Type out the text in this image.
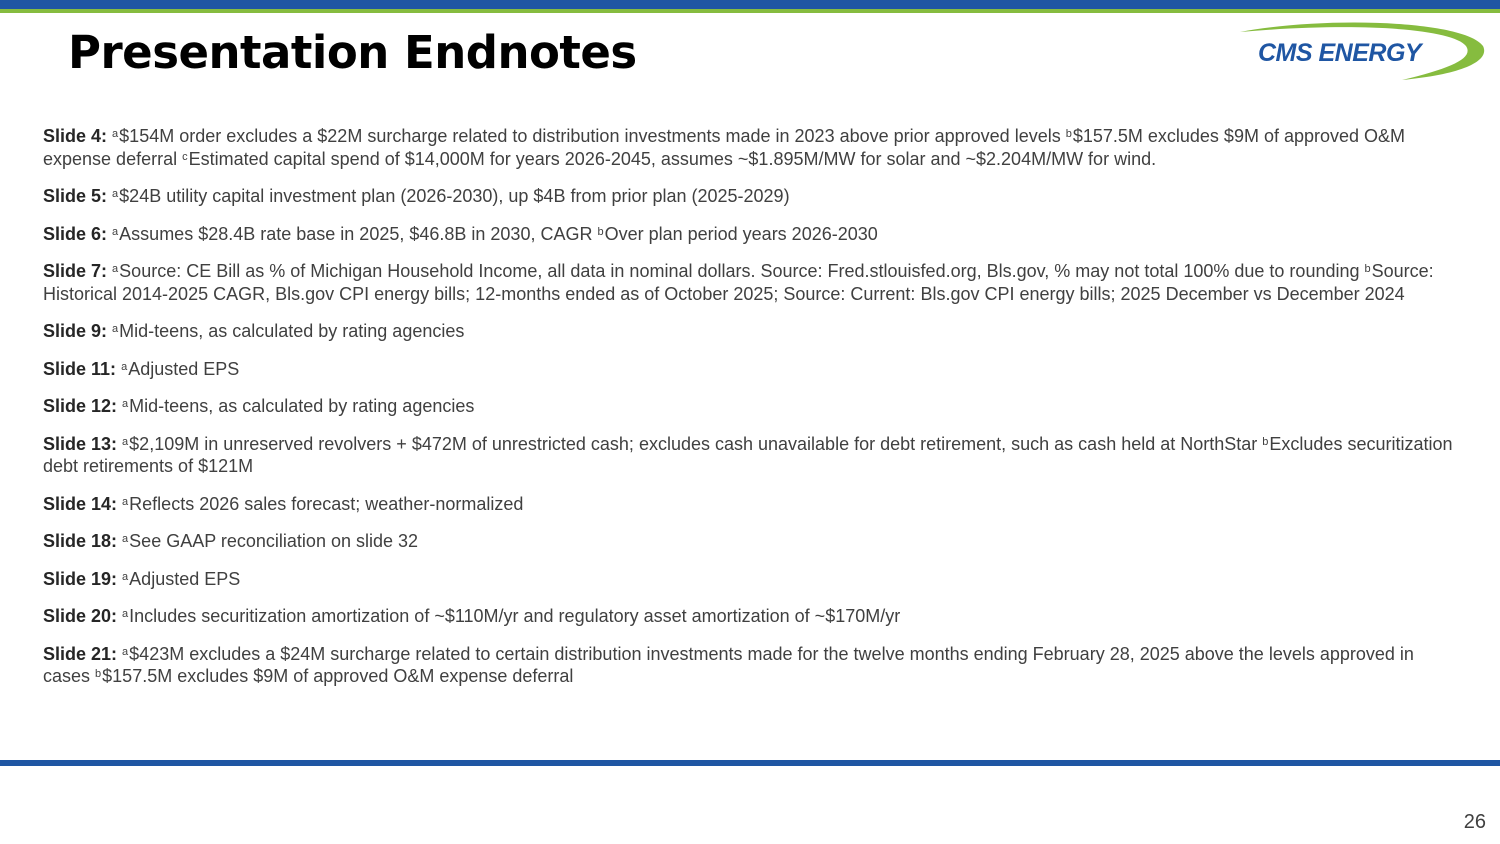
Presentation Endnotes	CMS ENERGY
Slide 4: $^a$\$154M order excludes a $22M surcharge related to distribution investments made in 2023 above prior approved levels $^b$\$157.5M excludes $9M of approved O&M expense deferral $^c$Estimated capital spend of $14,000M for years 2026-2045, assumes ~$1.895M/MW for solar and ~$2.204M/MW for wind.
Slide 5: $^a$\$24B utility capital investment plan (2026-2030), up $4B from prior plan (2025-2029)
Slide 6: $^a$Assumes $28.4B rate base in 2025, $46.8B in 2030, CAGR $^b$Over plan period years 2026-2030
Slide 7: $^a$Source: CE Bill as % of Michigan Household Income, all data in nominal dollars. Source: Fred.stlouisfed.org, Bls.gov, % may not total 100% due to rounding $^b$Source: Historical 2014-2025 CAGR, Bls.gov CPI energy bills; 12-months ended as of October 2025; Source: Current: Bls.gov CPI energy bills; 2025 December vs December 2024
Slide 9: $^a$Mid-teens, as calculated by rating agencies
Slide 11: $^a$Adjusted EPS
Slide 12: $^a$Mid-teens, as calculated by rating agencies
Slide 13: $^a$\$2,109M in unreserved revolvers + $472M of unrestricted cash; excludes cash unavailable for debt retirement, such as cash held at NorthStar $^b$Excludes securitization debt retirements of $121M
Slide 14: $^a$Reflects 2026 sales forecast; weather-normalized
Slide 18: $^a$See GAAP reconciliation on slide 32
Slide 19: $^a$Adjusted EPS
Slide 20: $^a$Includes securitization amortization of ~$110M/yr and regulatory asset amortization of ~$170M/yr
Slide 21: $^a$\$423M excludes a $24M surcharge related to certain distribution investments made for the twelve months ending February 28, 2025 above the levels approved in cases $^b$\$157.5M excludes $9M of approved O&M expense deferral
26
